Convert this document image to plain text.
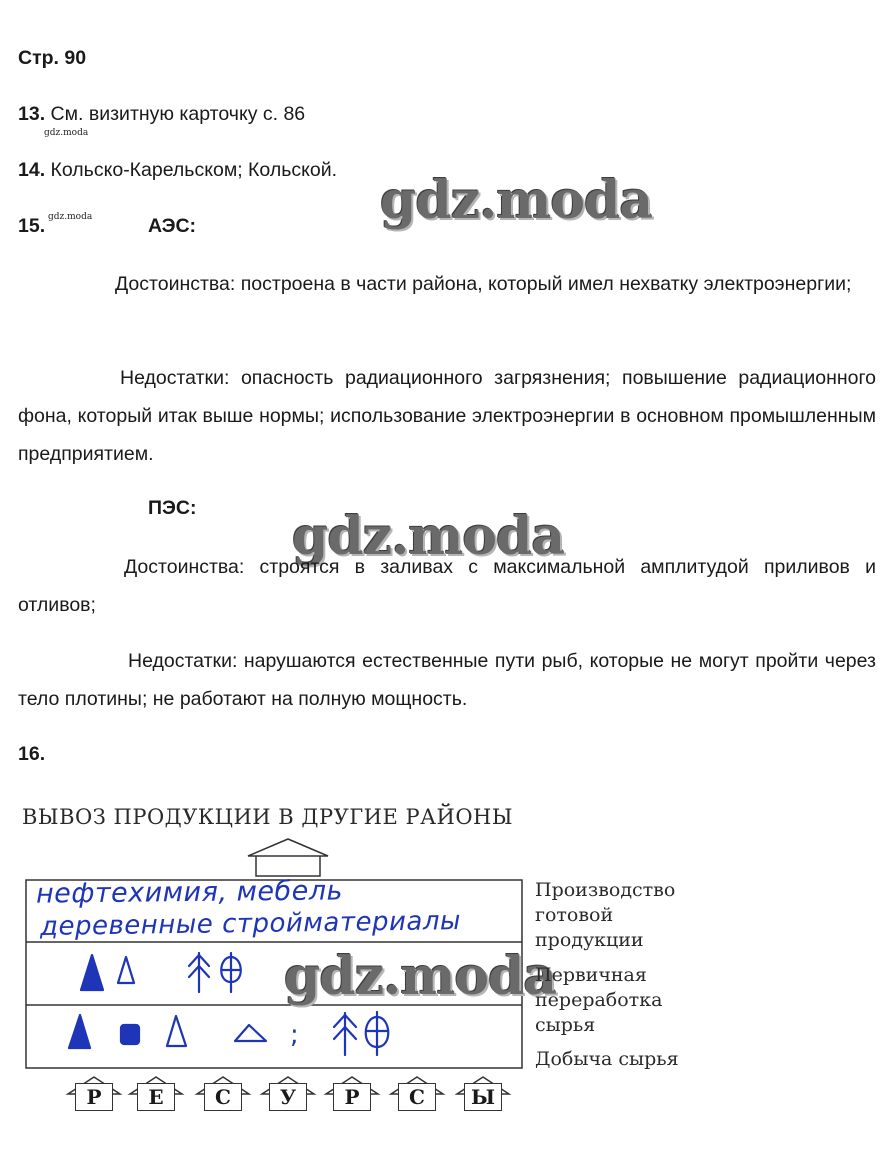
Стр. 90
13. См. визитную карточку с. 86
gdz.moda
14. Кольско-Карельском; Кольской. gdz.moda
15. gdz.moda	АЭС:
Достоинства: построена в части района, который имел нехватку электроэнергии;
Недостатки: опасность радиационного загрязнения; повышение радиационного фона, который итак выше нормы; использование электроэнергии в основном промышленным предприятием.
ПЭС: gdz.moda
Достоинства: строятся в заливах с максимальной амплитудой приливов и отливов;
Недостатки: нарушаются естественные пути рыб, которые не могут пройти через тело плотины; не работают на полную мощность.
16.
ВЫВОЗ ПРОДУКЦИИ В ДРУГИЕ РАЙОНЫ
нефтехимия, мебель
деревенные стройматериалы
;
gdz.moda
Производство
готовой
продукции
Первичная
переработка
сырья
Добыча сырья
Р	Е	С	У	Р	С	Ы
